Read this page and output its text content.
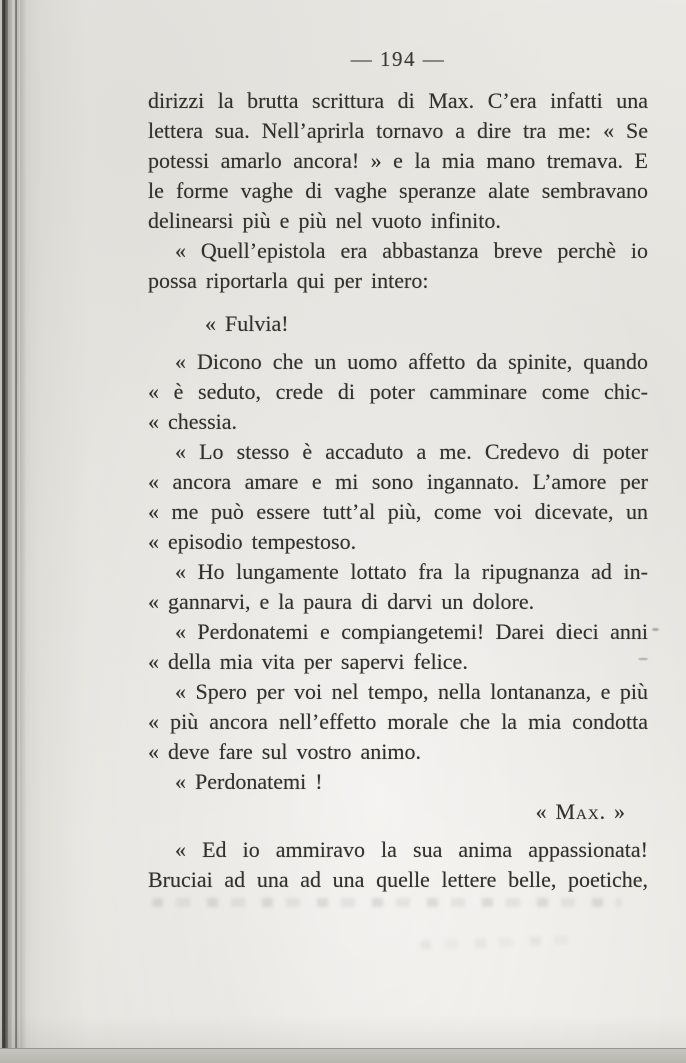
— 194 —
dirizzi la brutta scrittura di Max. C’era infatti una
lettera sua. Nell’aprirla tornavo a dire tra me: « Se
potessi amarlo ancora! » e la mia mano tremava. E
le forme vaghe di vaghe speranze alate sembravano
delinearsi più e più nel vuoto infinito.
« Quell’epistola era abbastanza breve perchè io
possa riportarla qui per intero:
« Fulvia!
« Dicono che un uomo affetto da spinite, quando
« è seduto, crede di poter camminare come chic-
« chessia.
« Lo stesso è accaduto a me. Credevo di poter
« ancora amare e mi sono ingannato. L’amore per
« me può essere tutt’al più, come voi dicevate, un
« episodio tempestoso.
« Ho lungamente lottato fra la ripugnanza ad in-
« gannarvi, e la paura di darvi un dolore.
« Perdonatemi e compiangetemi! Darei dieci anni
« della mia vita per sapervi felice.
« Spero per voi nel tempo, nella lontananza, e più
« più ancora nell’effetto morale che la mia condotta
« deve fare sul vostro animo.
« Perdonatemi !
« Max. »
« Ed io ammiravo la sua anima appassionata!
Bruciai ad una ad una quelle lettere belle, poetiche,
